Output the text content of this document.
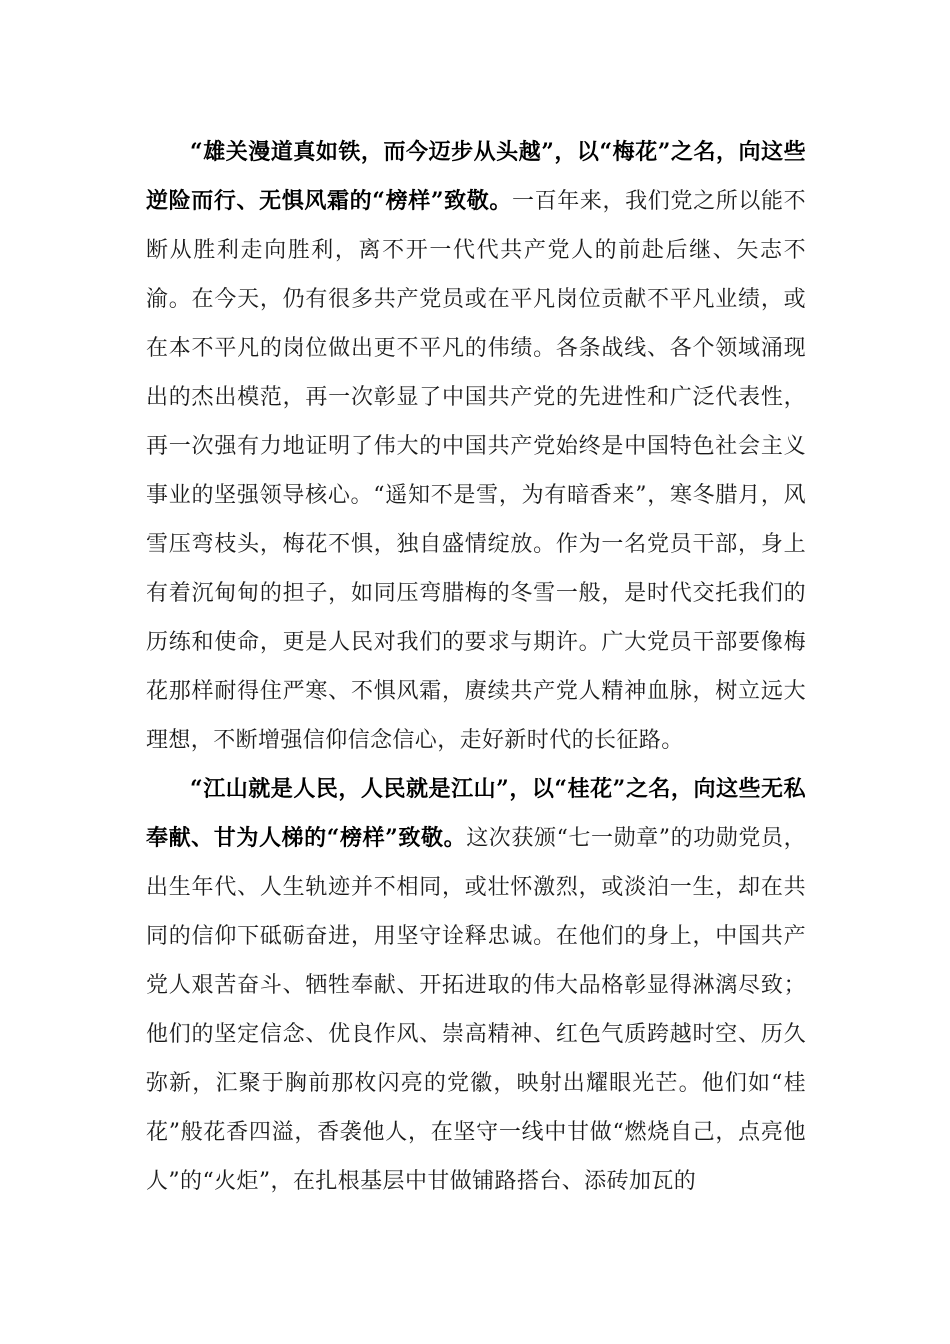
“雄关漫道真如铁，而今迈步从头越”，以“梅花”之名，向这些逆险而行、无惧风霜的“榜样”致敬。一百年来，我们党之所以能不断从胜利走向胜利，离不开一代代共产党人的前赴后继、矢志不渝。在今天，仍有很多共产党员或在平凡岗位贡献不平凡业绩，或在本不平凡的岗位做出更不平凡的伟绩。各条战线、各个领域涌现出的杰出模范，再一次彰显了中国共产党的先进性和广泛代表性，再一次强有力地证明了伟大的中国共产党始终是中国特色社会主义事业的坚强领导核心。“遥知不是雪，为有暗香来”，寒冬腊月，风雪压弯枝头，梅花不惧，独自盛情绽放。作为一名党员干部，身上有着沉甸甸的担子，如同压弯腊梅的冬雪一般，是时代交托我们的历练和使命，更是人民对我们的要求与期许。广大党员干部要像梅花那样耐得住严寒、不惧风霜，赓续共产党人精神血脉，树立远大理想，不断增强信仰信念信心，走好新时代的长征路。

“江山就是人民，人民就是江山”，以“桂花”之名，向这些无私奉献、甘为人梯的“榜样”致敬。这次获颁“七一勋章”的功勋党员，出生年代、人生轨迹并不相同，或壮怀激烈，或淡泊一生，却在共同的信仰下砥砺奋进，用坚守诠释忠诚。在他们的身上，中国共产党人艰苦奋斗、牺牲奉献、开拓进取的伟大品格彰显得淋漓尽致；他们的坚定信念、优良作风、崇高精神、红色气质跨越时空、历久弥新，汇聚于胸前那枚闪亮的党徽，映射出耀眼光芒。他们如“桂花”般花香四溢，香袭他人，在坚守一线中甘做“燃烧自己，点亮他人”的“火炬”，在扎根基层中甘做铺路搭台、添砖加瓦的
